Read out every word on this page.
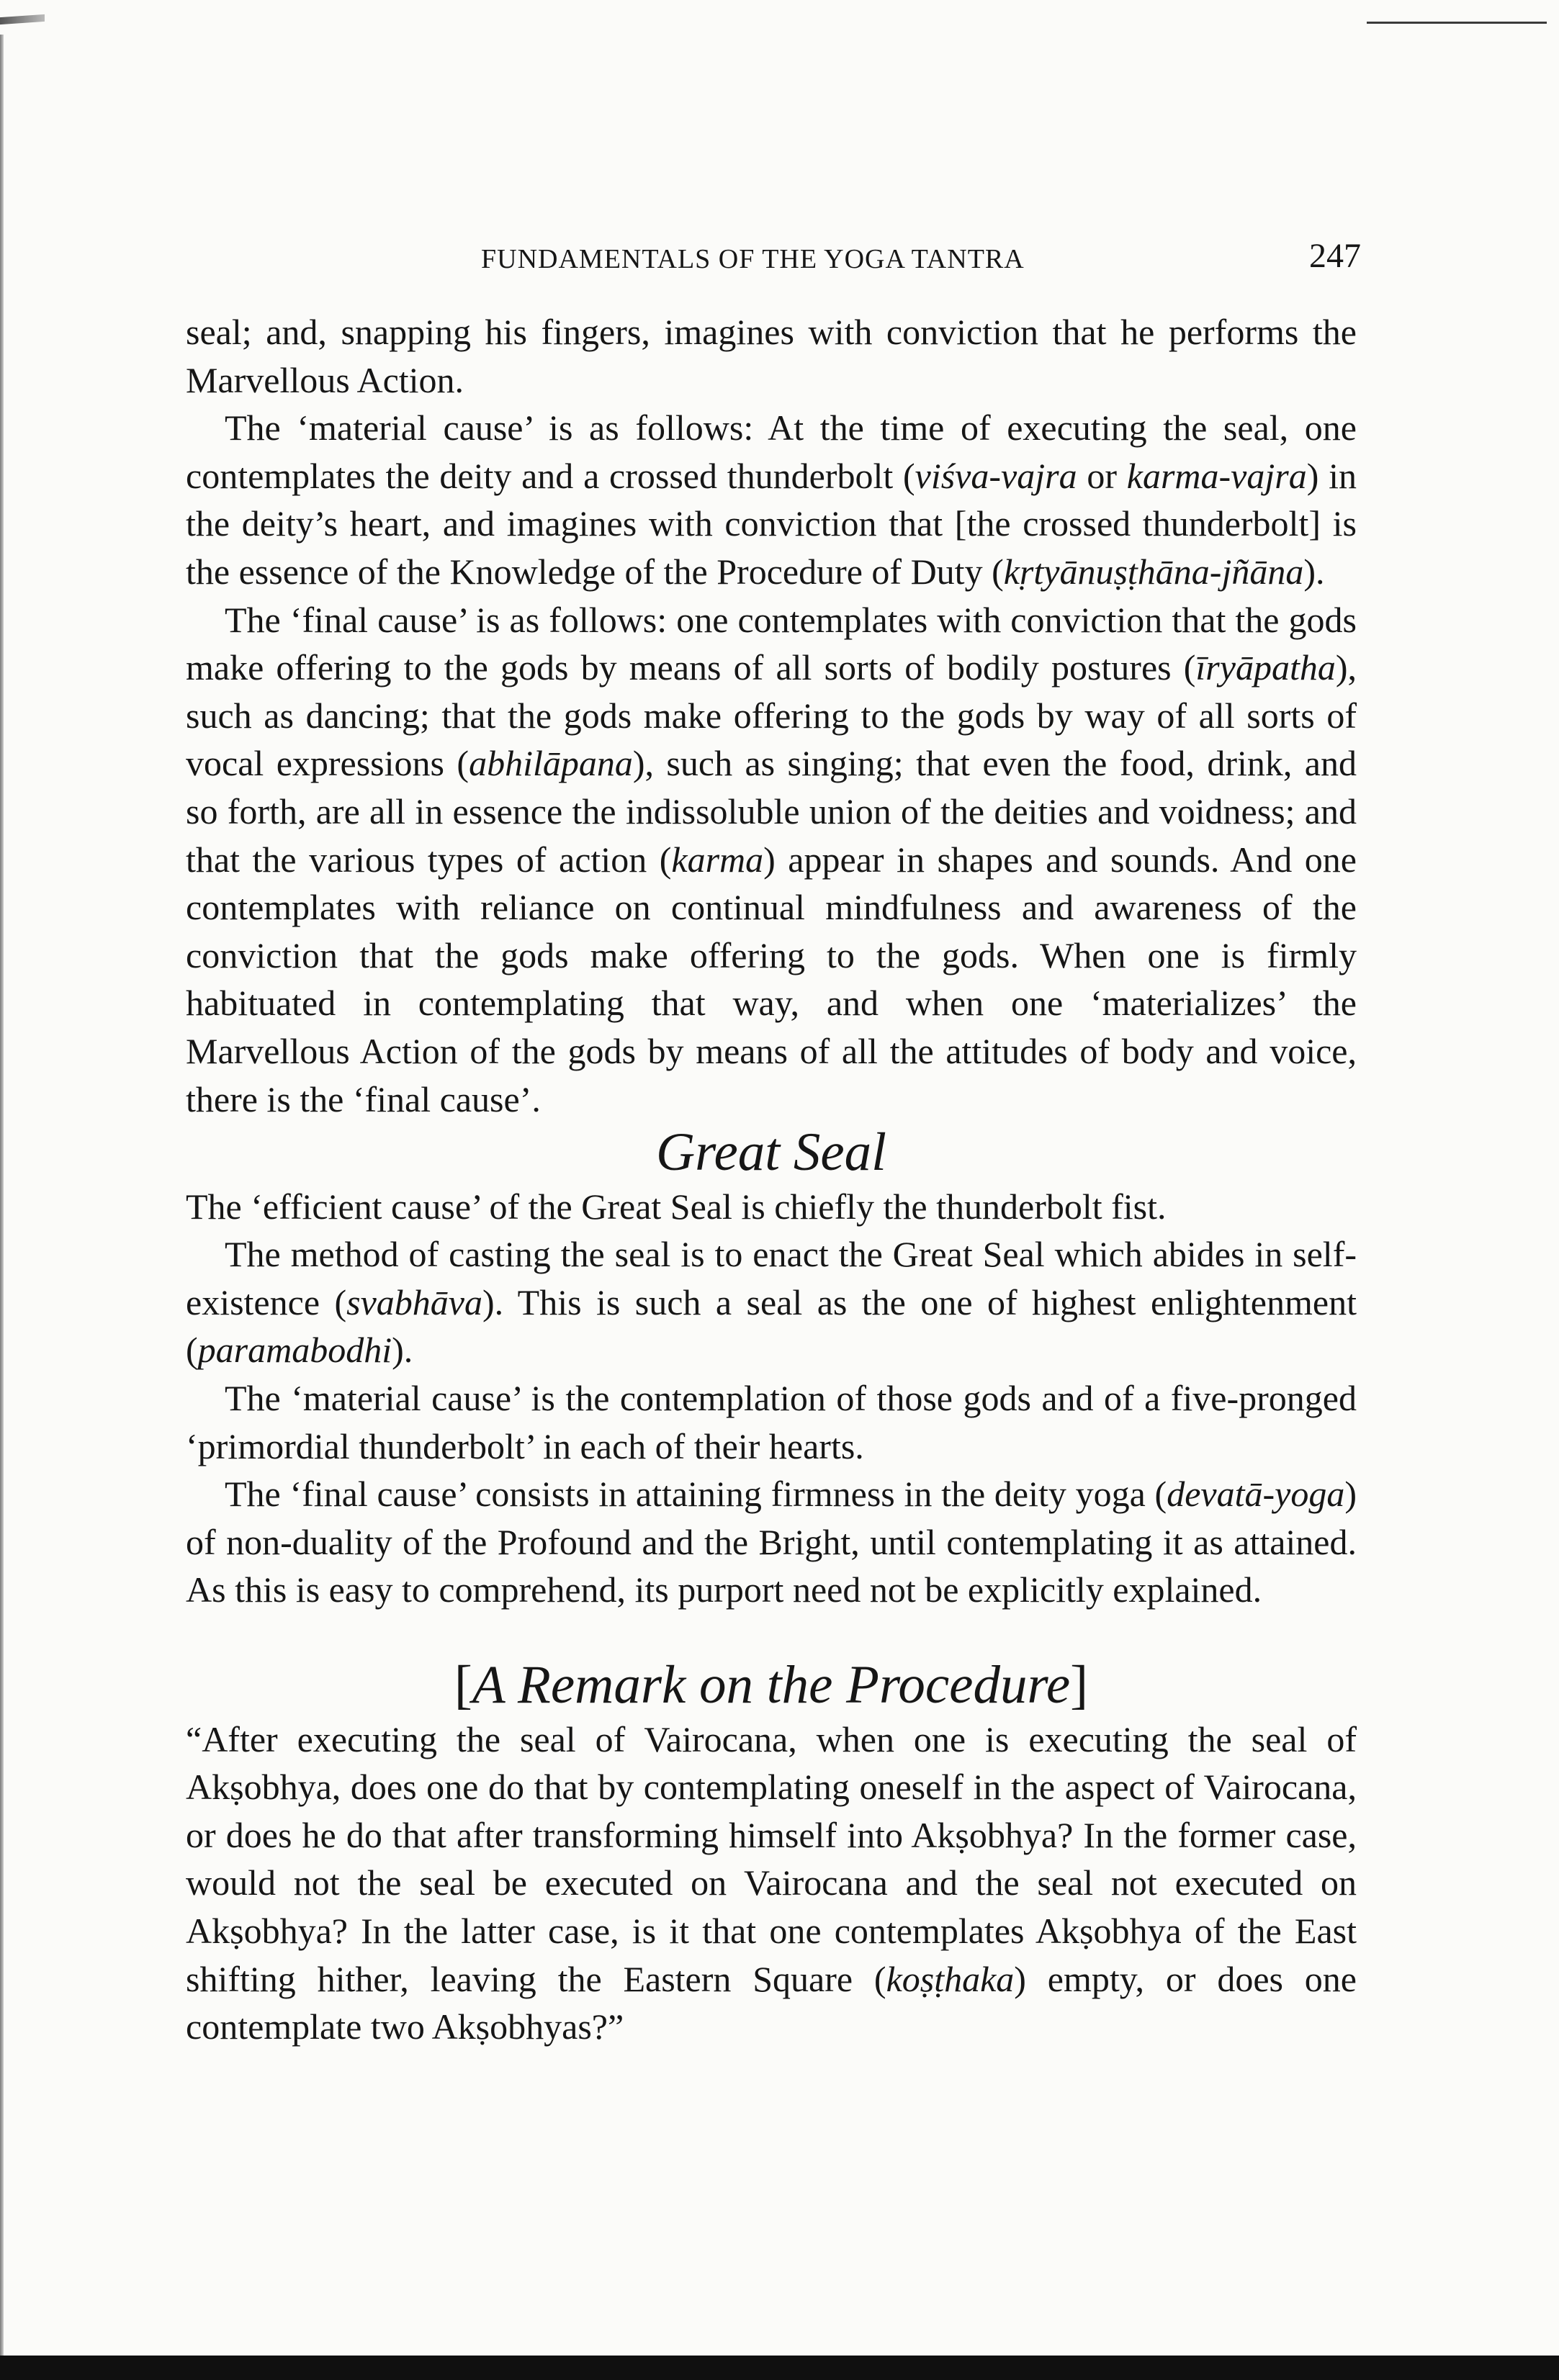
FUNDAMENTALS OF THE YOGA TANTRA	247

seal; and, snapping his fingers, imagines with conviction that he performs the Marvellous Action.

The ‘material cause’ is as follows: At the time of executing the seal, one contemplates the deity and a crossed thunderbolt (viśva-vajra or karma-vajra) in the deity’s heart, and imagines with conviction that [the crossed thunderbolt] is the essence of the Knowledge of the Procedure of Duty (kṛtyānuṣṭhāna-jñāna).

The ‘final cause’ is as follows: one contemplates with conviction that the gods make offering to the gods by means of all sorts of bodily postures (īryāpatha), such as dancing; that the gods make offering to the gods by way of all sorts of vocal expressions (abhilāpana), such as singing; that even the food, drink, and so forth, are all in essence the indissoluble union of the deities and voidness; and that the various types of action (karma) appear in shapes and sounds. And one contemplates with reliance on continual mindfulness and awareness of the conviction that the gods make offering to the gods. When one is firmly habituated in contemplating that way, and when one ‘materializes’ the Marvellous Action of the gods by means of all the attitudes of body and voice, there is the ‘final cause’.

Great Seal

The ‘efficient cause’ of the Great Seal is chiefly the thunderbolt fist.

The method of casting the seal is to enact the Great Seal which abides in self-existence (svabhāva). This is such a seal as the one of highest enlightenment (paramabodhi).

The ‘material cause’ is the contemplation of those gods and of a five-pronged ‘primordial thunderbolt’ in each of their hearts.

The ‘final cause’ consists in attaining firmness in the deity yoga (devatā-yoga) of non-duality of the Profound and the Bright, until contemplating it as attained. As this is easy to comprehend, its purport need not be explicitly explained.

[A Remark on the Procedure]

“After executing the seal of Vairocana, when one is executing the seal of Akṣobhya, does one do that by contemplating oneself in the aspect of Vairocana, or does he do that after transforming himself into Akṣobhya? In the former case, would not the seal be executed on Vairocana and the seal not executed on Akṣobhya? In the latter case, is it that one contemplates Akṣobhya of the East shifting hither, leaving the Eastern Square (koṣṭhaka) empty, or does one contemplate two Akṣobhyas?”
